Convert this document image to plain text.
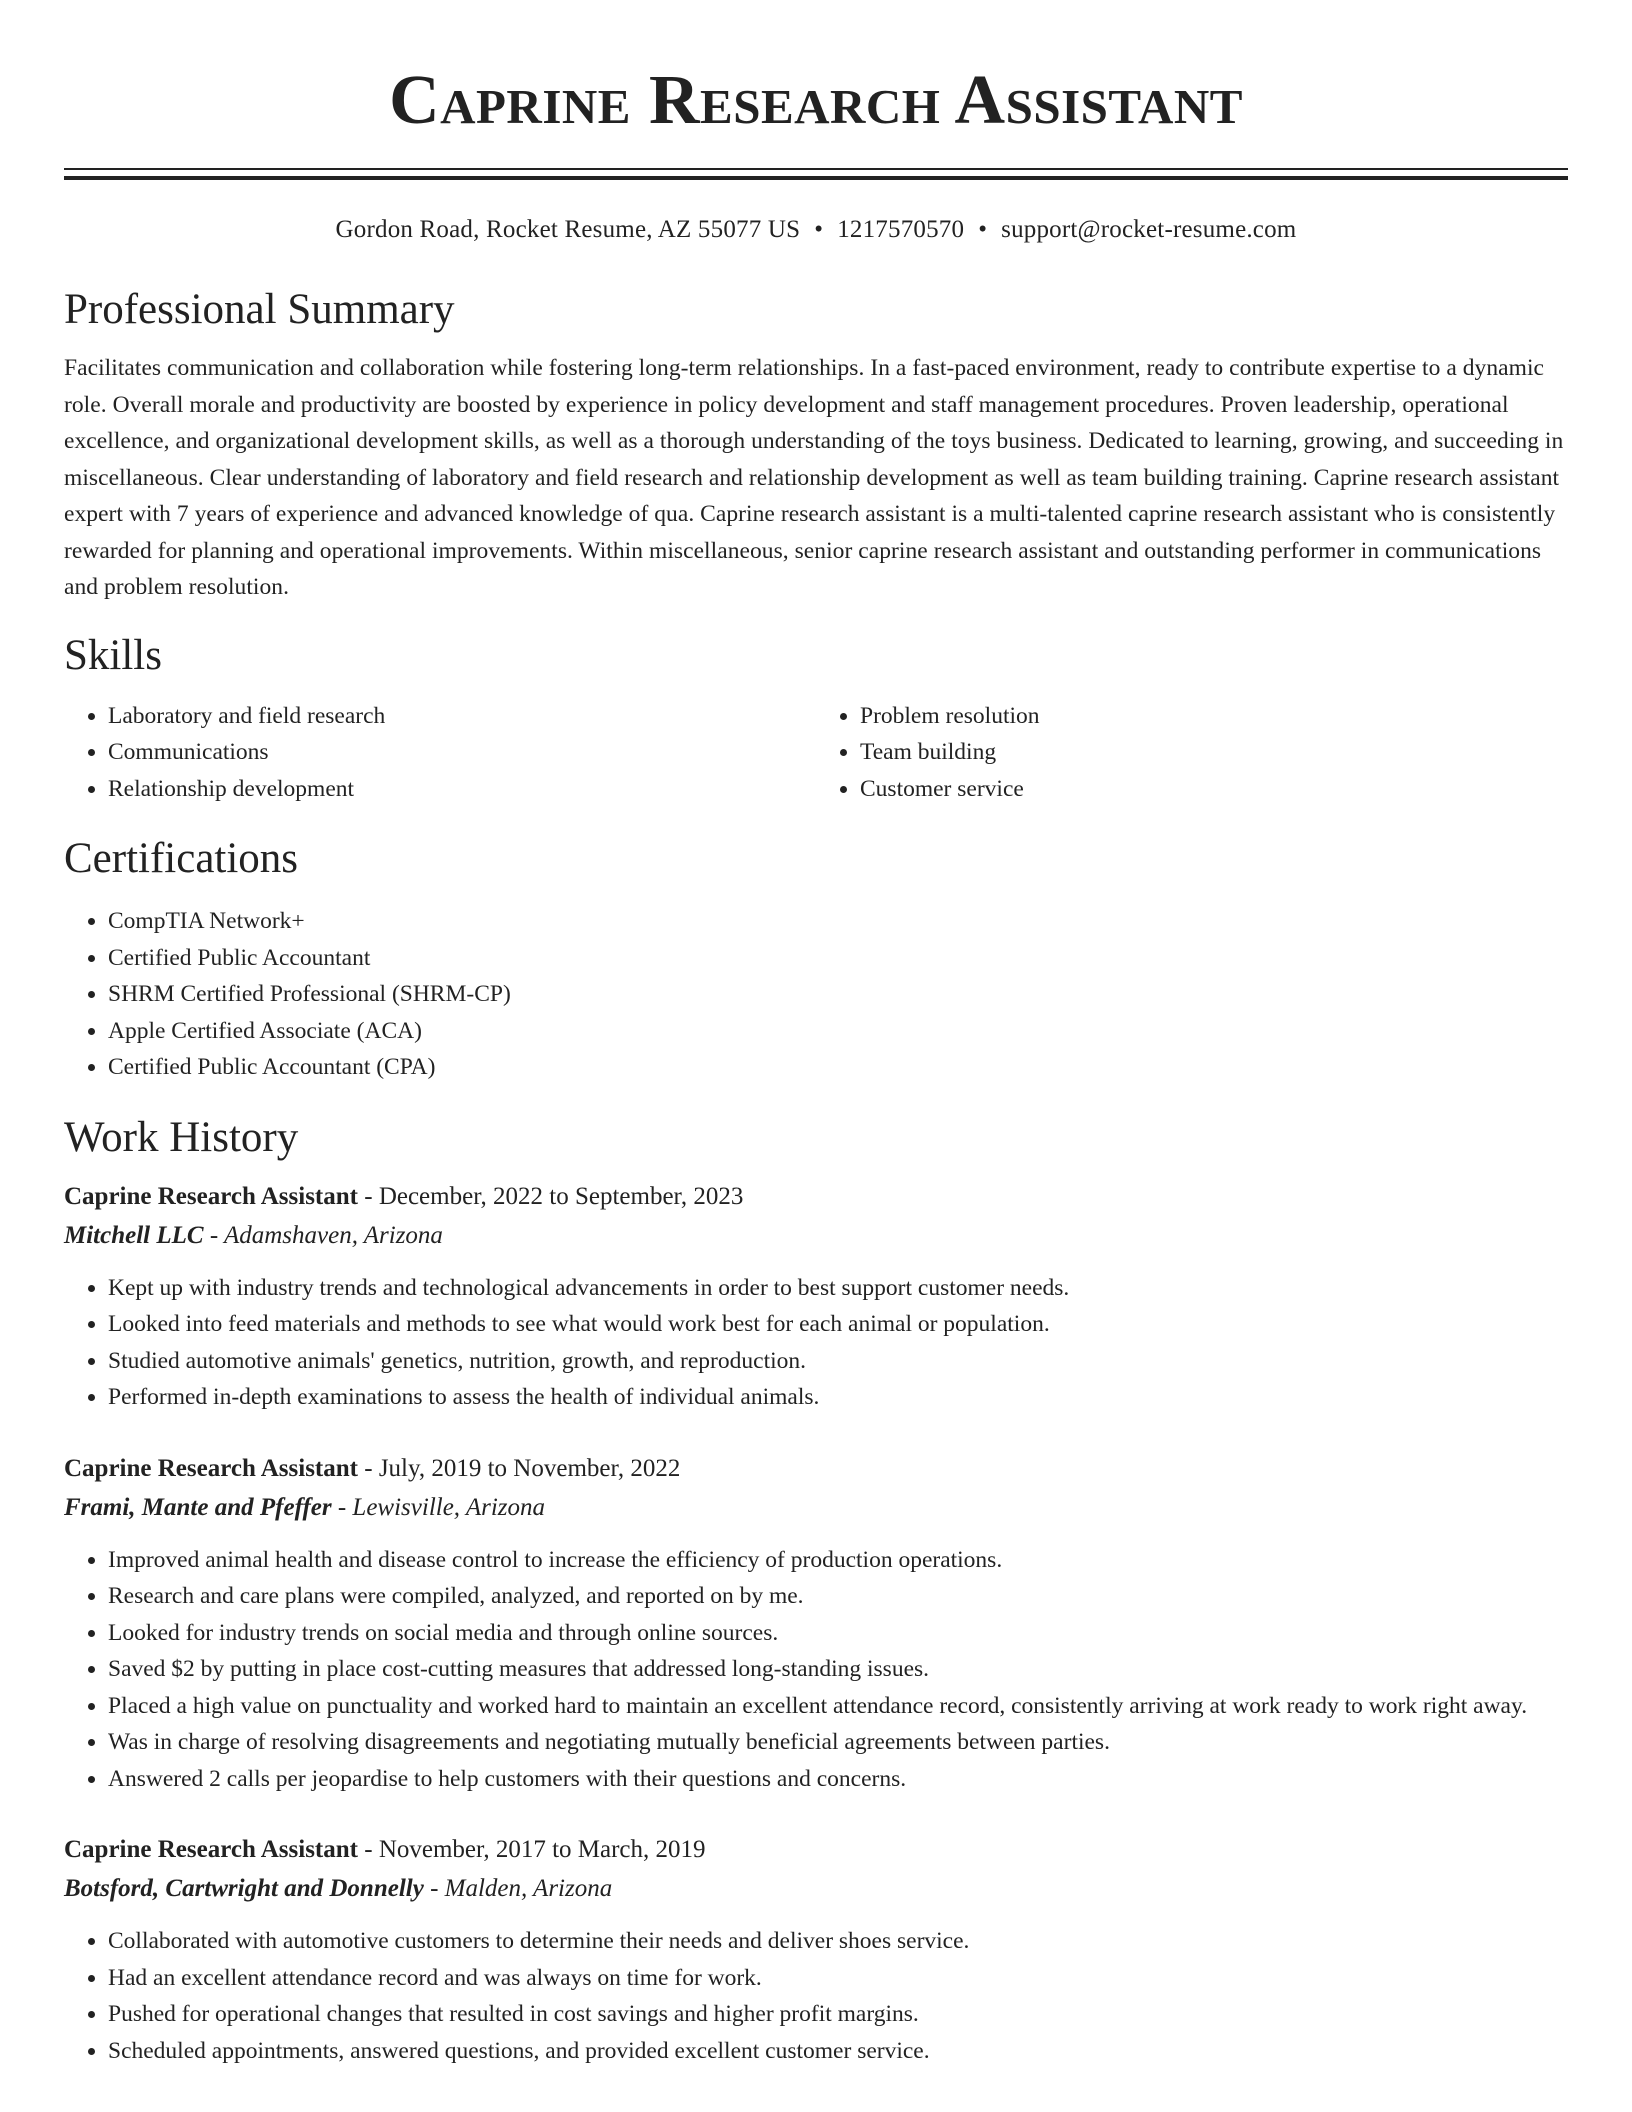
Caprine Research Assistant
Gordon Road, Rocket Resume, AZ 55077 US • 1217570570 • support@rocket-resume.com
Professional Summary
Facilitates communication and collaboration while fostering long-term relationships. In a fast-paced environment, ready to contribute expertise to a dynamic role. Overall morale and productivity are boosted by experience in policy development and staff management procedures. Proven leadership, operational excellence, and organizational development skills, as well as a thorough understanding of the toys business. Dedicated to learning, growing, and succeeding in miscellaneous. Clear understanding of laboratory and field research and relationship development as well as team building training. Caprine research assistant expert with 7 years of experience and advanced knowledge of qua. Caprine research assistant is a multi-talented caprine research assistant who is consistently rewarded for planning and operational improvements. Within miscellaneous, senior caprine research assistant and outstanding performer in communications and problem resolution.
Skills
• Laboratory and field research
• Communications
• Relationship development
• Problem resolution
• Team building
• Customer service
Certifications
• CompTIA Network+
• Certified Public Accountant
• SHRM Certified Professional (SHRM-CP)
• Apple Certified Associate (ACA)
• Certified Public Accountant (CPA)
Work History
Caprine Research Assistant - December, 2022 to September, 2023
Mitchell LLC - Adamshaven, Arizona
• Kept up with industry trends and technological advancements in order to best support customer needs.
• Looked into feed materials and methods to see what would work best for each animal or population.
• Studied automotive animals' genetics, nutrition, growth, and reproduction.
• Performed in-depth examinations to assess the health of individual animals.
Caprine Research Assistant - July, 2019 to November, 2022
Frami, Mante and Pfeffer - Lewisville, Arizona
• Improved animal health and disease control to increase the efficiency of production operations.
• Research and care plans were compiled, analyzed, and reported on by me.
• Looked for industry trends on social media and through online sources.
• Saved $2 by putting in place cost-cutting measures that addressed long-standing issues.
• Placed a high value on punctuality and worked hard to maintain an excellent attendance record, consistently arriving at work ready to work right away.
• Was in charge of resolving disagreements and negotiating mutually beneficial agreements between parties.
• Answered 2 calls per jeopardise to help customers with their questions and concerns.
Caprine Research Assistant - November, 2017 to March, 2019
Botsford, Cartwright and Donnelly - Malden, Arizona
• Collaborated with automotive customers to determine their needs and deliver shoes service.
• Had an excellent attendance record and was always on time for work.
• Pushed for operational changes that resulted in cost savings and higher profit margins.
• Scheduled appointments, answered questions, and provided excellent customer service.
